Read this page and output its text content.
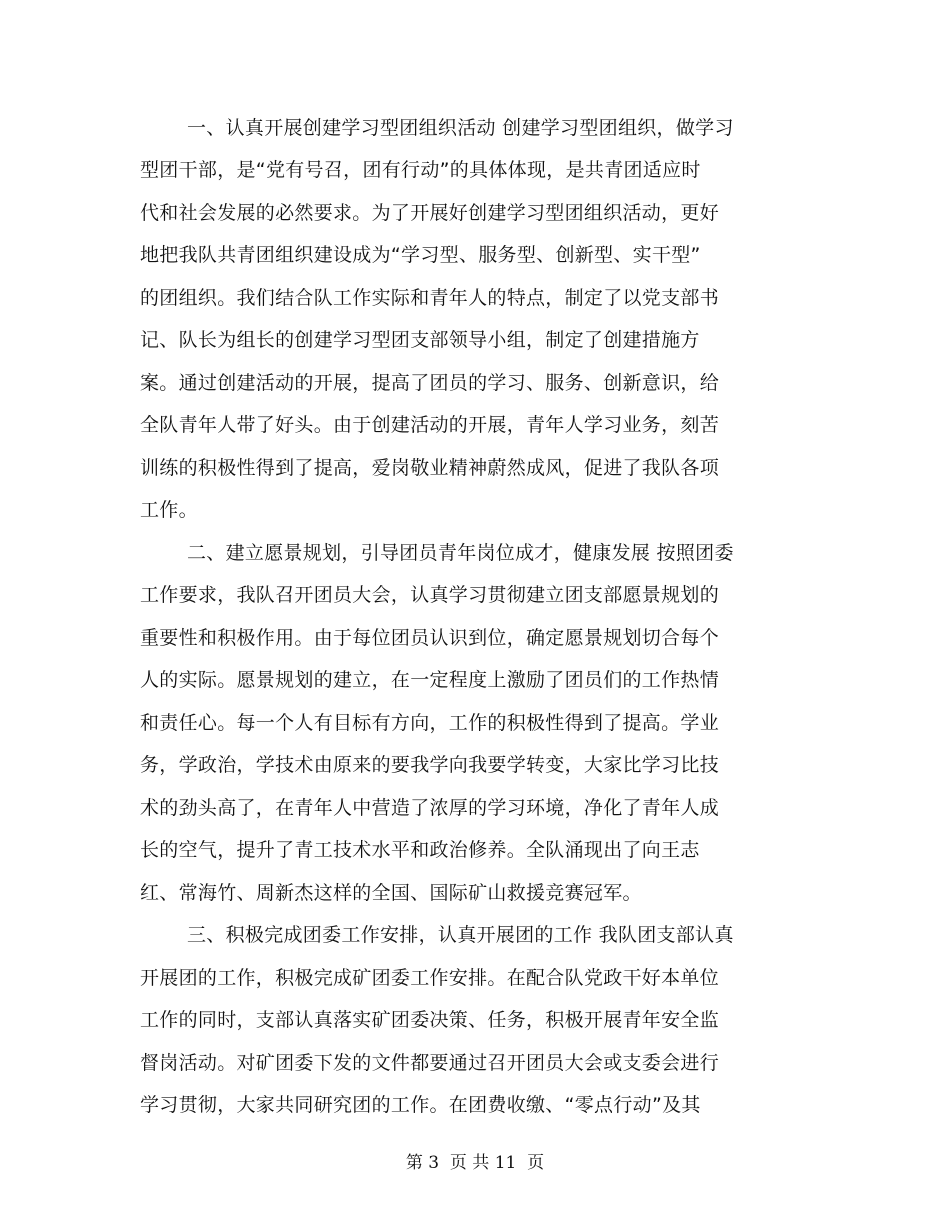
一、认真开展创建学习型团组织活动 创建学习型团组织，做学习
型团干部，是“党有号召，团有行动”的具体体现，是共青团适应时
代和社会发展的必然要求。为了开展好创建学习型团组织活动，更好
地把我队共青团组织建设成为“学习型、服务型、创新型、实干型”
的团组织。我们结合队工作实际和青年人的特点，制定了以党支部书
记、队长为组长的创建学习型团支部领导小组，制定了创建措施方
案。通过创建活动的开展，提高了团员的学习、服务、创新意识，给
全队青年人带了好头。由于创建活动的开展，青年人学习业务，刻苦
训练的积极性得到了提高，爱岗敬业精神蔚然成风，促进了我队各项
工作。
二、建立愿景规划，引导团员青年岗位成才，健康发展 按照团委
工作要求，我队召开团员大会，认真学习贯彻建立团支部愿景规划的
重要性和积极作用。由于每位团员认识到位，确定愿景规划切合每个
人的实际。愿景规划的建立，在一定程度上激励了团员们的工作热情
和责任心。每一个人有目标有方向，工作的积极性得到了提高。学业
务，学政治，学技术由原来的要我学向我要学转变，大家比学习比技
术的劲头高了，在青年人中营造了浓厚的学习环境，净化了青年人成
长的空气，提升了青工技术水平和政治修养。全队涌现出了向王志
红、常海竹、周新杰这样的全国、国际矿山救援竞赛冠军。
三、积极完成团委工作安排，认真开展团的工作 我队团支部认真
开展团的工作，积极完成矿团委工作安排。在配合队党政干好本单位
工作的同时，支部认真落实矿团委决策、任务，积极开展青年安全监
督岗活动。对矿团委下发的文件都要通过召开团员大会或支委会进行
学习贯彻，大家共同研究团的工作。在团费收缴、“零点行动”及其
第 3  页 共 11  页
